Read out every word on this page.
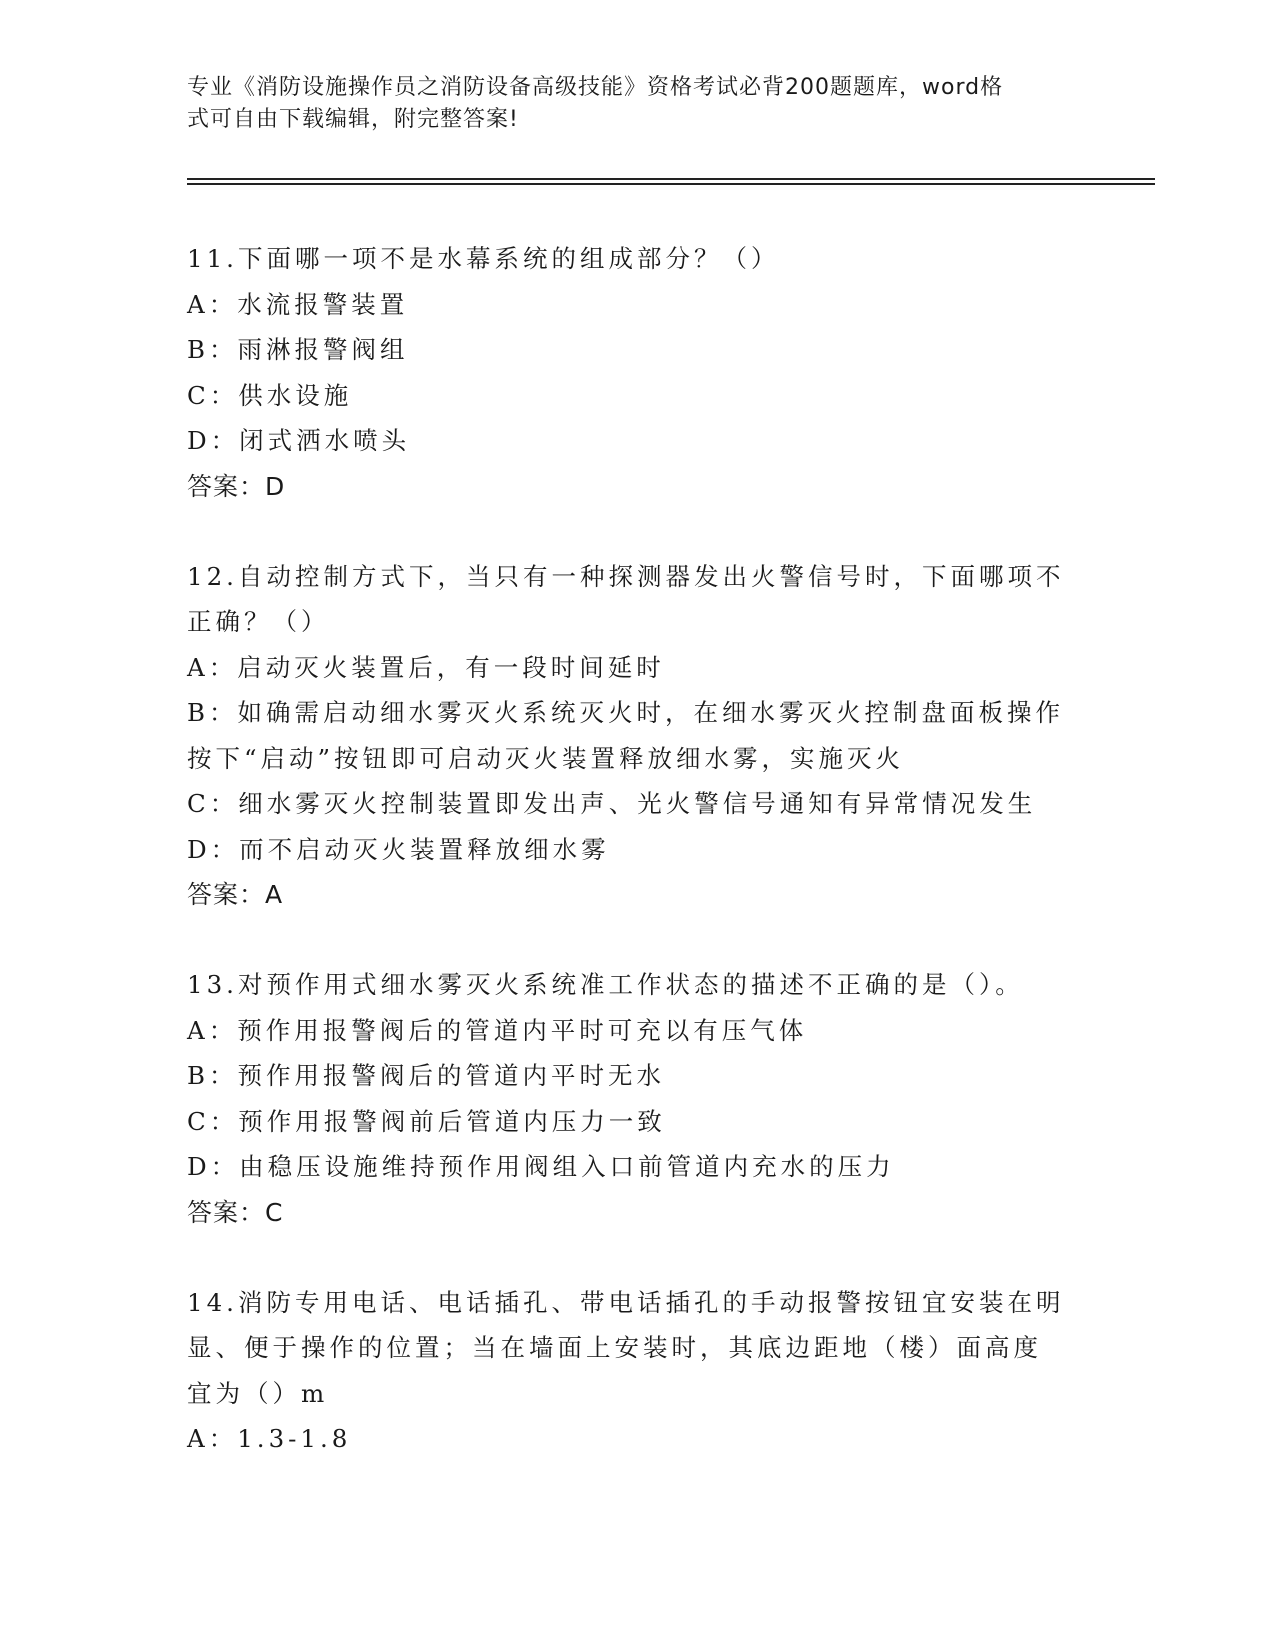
专业《消防设施操作员之消防设备高级技能》资格考试必背200题题库，word格
式可自由下载编辑，附完整答案!

11.下面哪一项不是水幕系统的组成部分？（）

A：水流报警装置

B：雨淋报警阀组

C：供水设施

D：闭式洒水喷头

答案：D

12.自动控制方式下，当只有一种探测器发出火警信号时，下面哪项不

正确？（）

A：启动灭火装置后，有一段时间延时

B：如确需启动细水雾灭火系统灭火时，在细水雾灭火控制盘面板操作

按下“启动”按钮即可启动灭火装置释放细水雾，实施灭火

C：细水雾灭火控制装置即发出声、光火警信号通知有异常情况发生

D：而不启动灭火装置释放细水雾

答案：A

13.对预作用式细水雾灭火系统准工作状态的描述不正确的是（）。

A：预作用报警阀后的管道内平时可充以有压气体

B：预作用报警阀后的管道内平时无水

C：预作用报警阀前后管道内压力一致

D：由稳压设施维持预作用阀组入口前管道内充水的压力

答案：C

14.消防专用电话、电话插孔、带电话插孔的手动报警按钮宜安装在明

显、便于操作的位置；当在墙面上安装时，其底边距地（楼）面高度

宜为（）m

A：1.3-1.8
